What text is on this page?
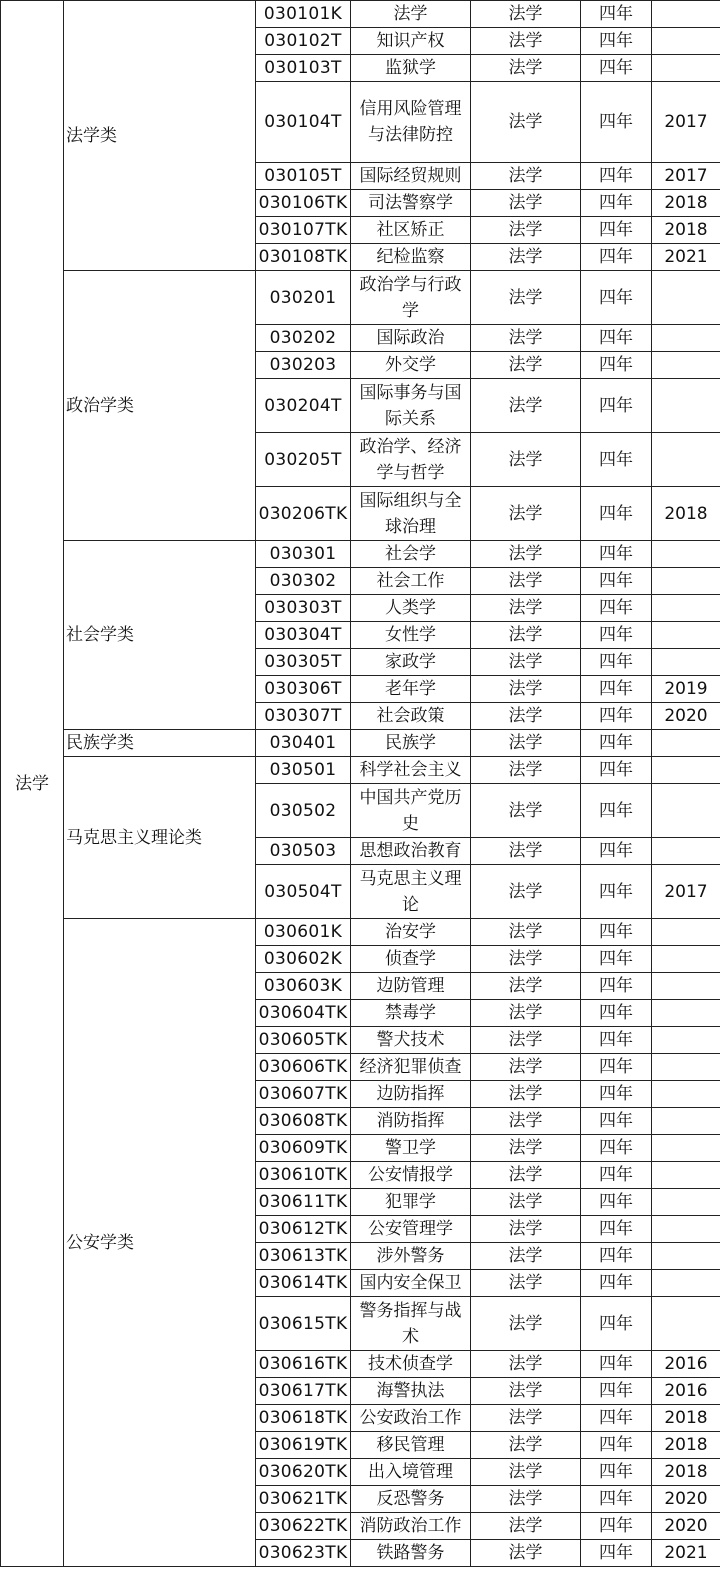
法学	法学类	030101K	法学	法学	四年	
		030102T	知识产权	法学	四年	
		030103T	监狱学	法学	四年	
		030104T	信用风险管理与法律防控	法学	四年	2017
		030105T	国际经贸规则	法学	四年	2017
		030106TK	司法警察学	法学	四年	2018
		030107TK	社区矫正	法学	四年	2018
		030108TK	纪检监察	法学	四年	2021
	政治学类	030201	政治学与行政学	法学	四年	
		030202	国际政治	法学	四年	
		030203	外交学	法学	四年	
		030204T	国际事务与国际关系	法学	四年	
		030205T	政治学、经济学与哲学	法学	四年	
		030206TK	国际组织与全球治理	法学	四年	2018
	社会学类	030301	社会学	法学	四年	
		030302	社会工作	法学	四年	
		030303T	人类学	法学	四年	
		030304T	女性学	法学	四年	
		030305T	家政学	法学	四年	
		030306T	老年学	法学	四年	2019
		030307T	社会政策	法学	四年	2020
	民族学类	030401	民族学	法学	四年	
	马克思主义理论类	030501	科学社会主义	法学	四年	
		030502	中国共产党历史	法学	四年	
		030503	思想政治教育	法学	四年	
		030504T	马克思主义理论	法学	四年	2017
	公安学类	030601K	治安学	法学	四年	
		030602K	侦查学	法学	四年	
		030603K	边防管理	法学	四年	
		030604TK	禁毒学	法学	四年	
		030605TK	警犬技术	法学	四年	
		030606TK	经济犯罪侦查	法学	四年	
		030607TK	边防指挥	法学	四年	
		030608TK	消防指挥	法学	四年	
		030609TK	警卫学	法学	四年	
		030610TK	公安情报学	法学	四年	
		030611TK	犯罪学	法学	四年	
		030612TK	公安管理学	法学	四年	
		030613TK	涉外警务	法学	四年	
		030614TK	国内安全保卫	法学	四年	
		030615TK	警务指挥与战术	法学	四年	
		030616TK	技术侦查学	法学	四年	2016
		030617TK	海警执法	法学	四年	2016
		030618TK	公安政治工作	法学	四年	2018
		030619TK	移民管理	法学	四年	2018
		030620TK	出入境管理	法学	四年	2018
		030621TK	反恐警务	法学	四年	2020
		030622TK	消防政治工作	法学	四年	2020
		030623TK	铁路警务	法学	四年	2021
